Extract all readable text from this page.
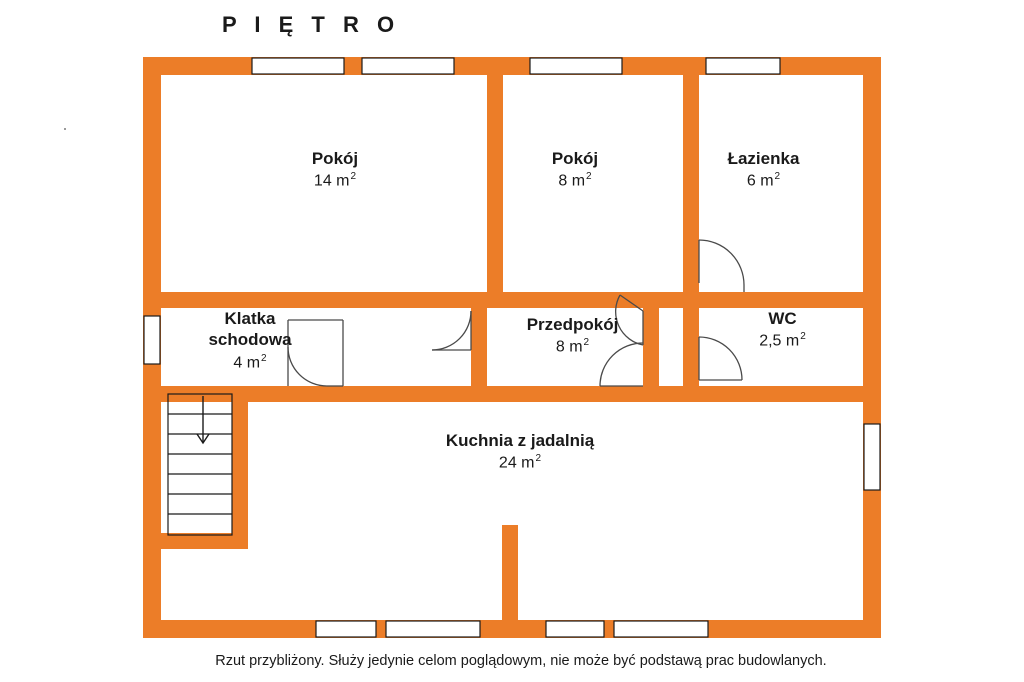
P I Ę T R O
Pokój
14 $m^2$
Pokój
8 $m^2$
Łazienka
6 $m^2$
Klatka
schodowa
4 $m^2$
Przedpokój
8 $m^2$
WC
2,5 $m^2$
Kuchnia z jadalnią
24 $m^2$
Rzut przybliżony. Służy jedynie celom poglądowym, nie może być podstawą prac budowlanych.
